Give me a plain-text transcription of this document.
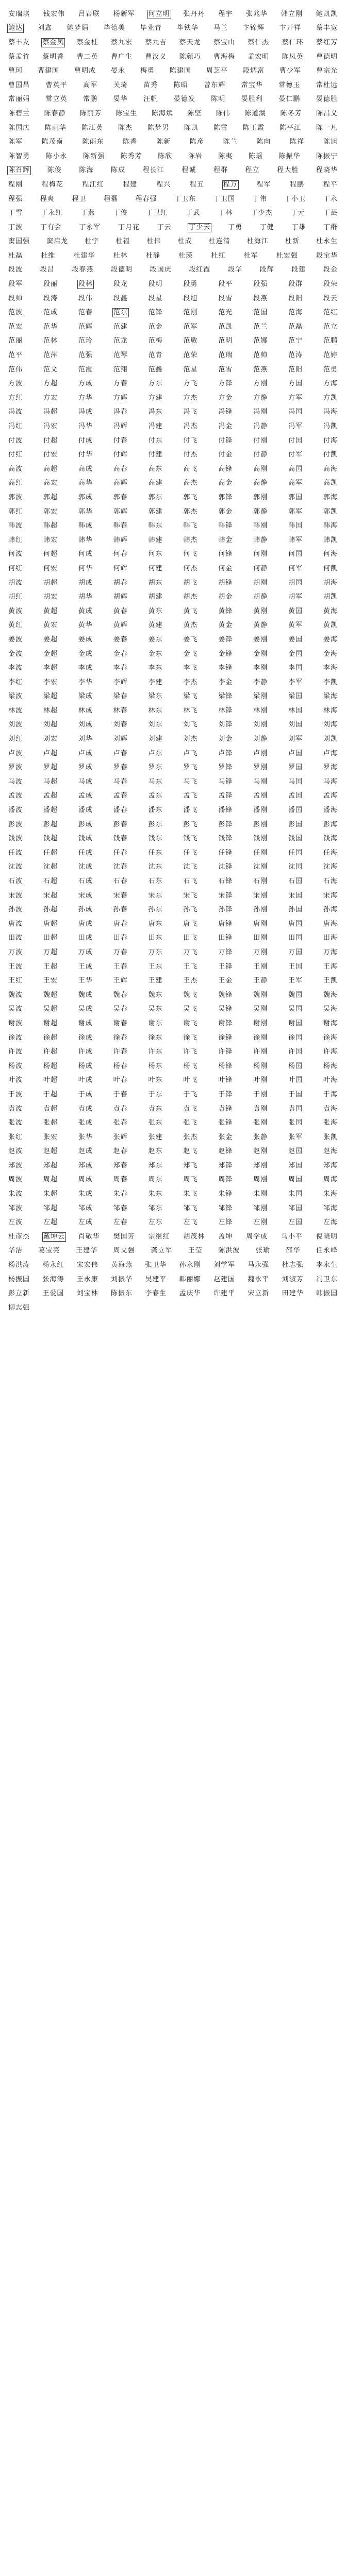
安瑞琪 钱宏伟 吕岩联 杨新军 何立明 张丹丹 程宇 张兆华 韩立刚 鲍凯凯
鲍达 刘鑫 鲍梦娟 毕德美 毕业青 毕铁华 马兰 卞锦辉 卞开祥 蔡丰宽
蔡丰友 蔡金凤 蔡金柱 蔡九宏 蔡九吉 蔡天龙 蔡宝山 蔡仁杰 蔡仁环 蔡红芳
蔡孟竹 蔡明香 曹二英 曹广生 曹汉义 陈颜巧 曹海梅 孟宏明 陈凤英 曹德明
曹珂 曹建国 曹明成 晏永 梅勇 陈建国 周芝平 段炳富 曹少军 曹宗光
曹国昌 曹英平 高军 关琦 苗秀 陈昭 曾东辉 常宝华 常德玉 常杜远
常丽娟 常立英 常鹏 晏华 汪帆 晏德发 陈明 晏胜利 晏仁鹏 晏德胜
陈碧兰 陈春静 陈丽芳 陈宝生 陈海斌 陈坚 陈伟 陈道湖 陈冬芳 陈昌义
陈国庆 陈丽华 陈江英 陈杰 陈梦男 陈凯 陈雷 陈玉霞 陈平江 陈一凡
陈军	陈茂南	陈雨东	陈香	陈新	陈彦	陈兰	陈向	陈祥	陈旭
陈智勇 陈小永 陈新强 陈秀芳 陈欣 陈岩 陈夷 陈瑶 陈振华 陈振宁
陈召辉	陈俊	陈海	陈成	程长江	程诚	程群	程立	程大胜	程晓华
程刚	程梅花	程江红	程建	程兴	程五	程万	程军	程鹏	程平
程强	程爽	程卫	程磊	程春强	丁卫东	丁卫国	丁伟	丁小卫	丁永
丁雪	丁永红	丁燕	丁俊	丁卫红	丁武	丁林	丁少杰	丁元	丁芸
丁波	丁有会	丁永军	丁月花	丁云	丁少云	丁勇	丁健	丁雄	丁群
窦国强 窦启龙 杜宇 杜福 杜伟 杜成 杜连清 杜海江 杜新 杜永生
杜磊	杜维	杜建华	杜林	杜静	杜瑛	杜红	杜军	杜宏强	段宝华
段波	段昌	段春燕	段德明	段国庆	段红霞	段华	段辉	段建	段金
段军	段丽	段林	段龙	段明	段勇	段平	段强	段群	段荣
段帅	段涛	段伟	段鑫	段星	段旭	段雪	段燕	段阳	段云
范波	范成	范春	范东	范锋	范刚	范光	范国	范海	范红
范宏	范华	范辉	范建	范金	范军	范凯	范兰	范磊	范立
范丽	范林	范玲	范龙	范梅	范敏	范明	范娜	范宁	范鹏
范平	范萍	范强	范琴	范青	范荣	范瑞	范帅	范涛	范婷
范伟	范文	范霞	范翔	范鑫	范星	范雪	范燕	范阳	范勇
方波	方超	方成	方春	方东	方飞	方锋	方刚	方国	方海
方红	方宏	方华	方辉	方建	方杰	方金	方静	方军	方凯
冯波	冯超	冯成	冯春	冯东	冯飞	冯锋	冯刚	冯国	冯海
冯红	冯宏	冯华	冯辉	冯建	冯杰	冯金	冯静	冯军	冯凯
付波	付超	付成	付春	付东	付飞	付锋	付刚	付国	付海
付红	付宏	付华	付辉	付建	付杰	付金	付静	付军	付凯
高波	高超	高成	高春	高东	高飞	高锋	高刚	高国	高海
高红	高宏	高华	高辉	高建	高杰	高金	高静	高军	高凯
郭波	郭超	郭成	郭春	郭东	郭飞	郭锋	郭刚	郭国	郭海
郭红	郭宏	郭华	郭辉	郭建	郭杰	郭金	郭静	郭军	郭凯
韩波	韩超	韩成	韩春	韩东	韩飞	韩锋	韩刚	韩国	韩海
韩红	韩宏	韩华	韩辉	韩建	韩杰	韩金	韩静	韩军	韩凯
何波	何超	何成	何春	何东	何飞	何锋	何刚	何国	何海
何红	何宏	何华	何辉	何建	何杰	何金	何静	何军	何凯
胡波	胡超	胡成	胡春	胡东	胡飞	胡锋	胡刚	胡国	胡海
胡红	胡宏	胡华	胡辉	胡建	胡杰	胡金	胡静	胡军	胡凯
黄波	黄超	黄成	黄春	黄东	黄飞	黄锋	黄刚	黄国	黄海
黄红	黄宏	黄华	黄辉	黄建	黄杰	黄金	黄静	黄军	黄凯
姜波	姜超	姜成	姜春	姜东	姜飞	姜锋	姜刚	姜国	姜海
金波	金超	金成	金春	金东	金飞	金锋	金刚	金国	金海
李波	李超	李成	李春	李东	李飞	李锋	李刚	李国	李海
李红	李宏	李华	李辉	李建	李杰	李金	李静	李军	李凯
梁波	梁超	梁成	梁春	梁东	梁飞	梁锋	梁刚	梁国	梁海
林波	林超	林成	林春	林东	林飞	林锋	林刚	林国	林海
刘波	刘超	刘成	刘春	刘东	刘飞	刘锋	刘刚	刘国	刘海
刘红	刘宏	刘华	刘辉	刘建	刘杰	刘金	刘静	刘军	刘凯
卢波	卢超	卢成	卢春	卢东	卢飞	卢锋	卢刚	卢国	卢海
罗波	罗超	罗成	罗春	罗东	罗飞	罗锋	罗刚	罗国	罗海
马波	马超	马成	马春	马东	马飞	马锋	马刚	马国	马海
孟波	孟超	孟成	孟春	孟东	孟飞	孟锋	孟刚	孟国	孟海
潘波	潘超	潘成	潘春	潘东	潘飞	潘锋	潘刚	潘国	潘海
彭波	彭超	彭成	彭春	彭东	彭飞	彭锋	彭刚	彭国	彭海
钱波	钱超	钱成	钱春	钱东	钱飞	钱锋	钱刚	钱国	钱海
任波	任超	任成	任春	任东	任飞	任锋	任刚	任国	任海
沈波	沈超	沈成	沈春	沈东	沈飞	沈锋	沈刚	沈国	沈海
石波	石超	石成	石春	石东	石飞	石锋	石刚	石国	石海
宋波	宋超	宋成	宋春	宋东	宋飞	宋锋	宋刚	宋国	宋海
孙波	孙超	孙成	孙春	孙东	孙飞	孙锋	孙刚	孙国	孙海
唐波	唐超	唐成	唐春	唐东	唐飞	唐锋	唐刚	唐国	唐海
田波	田超	田成	田春	田东	田飞	田锋	田刚	田国	田海
万波	万超	万成	万春	万东	万飞	万锋	万刚	万国	万海
王波	王超	王成	王春	王东	王飞	王锋	王刚	王国	王海
王红	王宏	王华	王辉	王建	王杰	王金	王静	王军	王凯
魏波	魏超	魏成	魏春	魏东	魏飞	魏锋	魏刚	魏国	魏海
吴波	吴超	吴成	吴春	吴东	吴飞	吴锋	吴刚	吴国	吴海
谢波	谢超	谢成	谢春	谢东	谢飞	谢锋	谢刚	谢国	谢海
徐波	徐超	徐成	徐春	徐东	徐飞	徐锋	徐刚	徐国	徐海
许波	许超	许成	许春	许东	许飞	许锋	许刚	许国	许海
杨波	杨超	杨成	杨春	杨东	杨飞	杨锋	杨刚	杨国	杨海
叶波	叶超	叶成	叶春	叶东	叶飞	叶锋	叶刚	叶国	叶海
于波	于超	于成	于春	于东	于飞	于锋	于刚	于国	于海
袁波	袁超	袁成	袁春	袁东	袁飞	袁锋	袁刚	袁国	袁海
张波	张超	张成	张春	张东	张飞	张锋	张刚	张国	张海
张红	张宏	张华	张辉	张建	张杰	张金	张静	张军	张凯
赵波	赵超	赵成	赵春	赵东	赵飞	赵锋	赵刚	赵国	赵海
郑波	郑超	郑成	郑春	郑东	郑飞	郑锋	郑刚	郑国	郑海
周波	周超	周成	周春	周东	周飞	周锋	周刚	周国	周海
朱波	朱超	朱成	朱春	朱东	朱飞	朱锋	朱刚	朱国	朱海
邹波	邹超	邹成	邹春	邹东	邹飞	邹锋	邹刚	邹国	邹海
左波	左超	左成	左春	左东	左飞	左锋	左刚	左国	左海
杜彦杰 戴坤云 肖敬华 樊国芳 宗继红 胡茂林 盖坤 周学成 马小平 倪晓明
华洁 葛宝亮 王建华 周文强 龚立军 王莹 陈洪波 张瑜 邵华 任永峰
杨洪涛 杨永红 宋宏伟 黄海燕 张卫华 孙永刚 刘学军 马永强 杜志强 李永生
杨振国 张海涛 王永康 刘振华 吴建平 韩丽娜 赵建国 魏永平 刘淑芳 冯卫东
彭立新 王爱国 刘宝林 陈振东 李春生 孟庆华 许建平 宋立新 田建华 韩振国
柳志强
